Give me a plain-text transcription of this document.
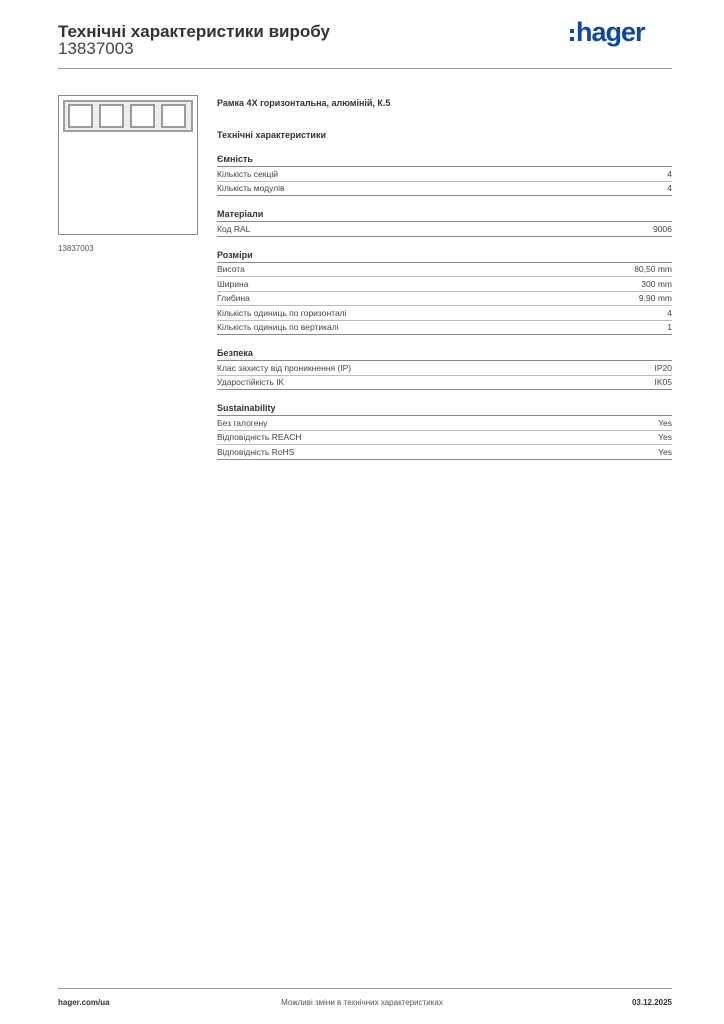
Технічні характеристики виробу
13837003
hager
13837003
Рамка 4X горизонтальна, алюміній, К.5
Технічні характеристики
Ємність
Кількість секцій	4
Кількість модулів	4
Матеріали
Код RAL	9006
Розміри
Висота	80,50 mm
Ширина	300 mm
Глибина	9,90 mm
Кількість одиниць по горизонталі	4
Кількість одиниць по вертикалі	1
Безпека
Клас захисту від проникнення (IP)	IP20
Ударостійкість IK	IK05
Sustainability
Без галогену	Yes
Відповідність REACH	Yes
Відповідність RoHS	Yes
hager.com/ua	Можливі зміни в технічних характеристиках	03.12.2025
